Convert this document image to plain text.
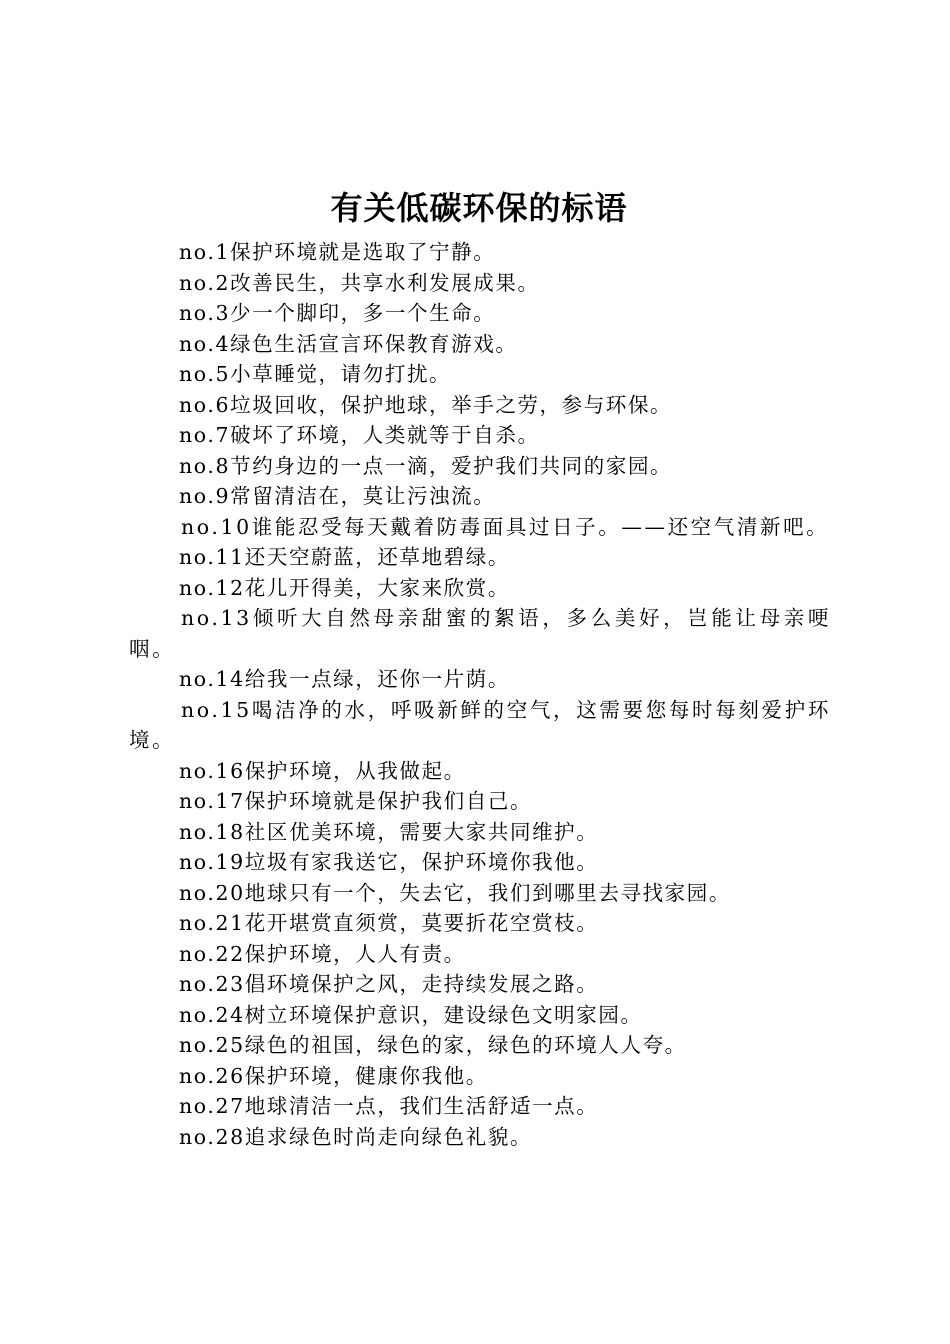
有关低碳环保的标语
no.1保护环境就是选取了宁静。
no.2改善民生，共享水利发展成果。
no.3少一个脚印，多一个生命。
no.4绿色生活宣言环保教育游戏。
no.5小草睡觉，请勿打扰。
no.6垃圾回收，保护地球，举手之劳，参与环保。
no.7破坏了环境，人类就等于自杀。
no.8节约身边的一点一滴，爱护我们共同的家园。
no.9常留清洁在，莫让污浊流。
no.10谁能忍受每天戴着防毒面具过日子。——还空气清新吧。
no.11还天空蔚蓝，还草地碧绿。
no.12花儿开得美，大家来欣赏。
no.13倾听大自然母亲甜蜜的絮语，多么美好，岂能让母亲哽咽。
no.14给我一点绿，还你一片荫。
no.15喝洁净的水，呼吸新鲜的空气，这需要您每时每刻爱护环境。
no.16保护环境，从我做起。
no.17保护环境就是保护我们自己。
no.18社区优美环境，需要大家共同维护。
no.19垃圾有家我送它，保护环境你我他。
no.20地球只有一个，失去它，我们到哪里去寻找家园。
no.21花开堪赏直须赏，莫要折花空赏枝。
no.22保护环境，人人有责。
no.23倡环境保护之风，走持续发展之路。
no.24树立环境保护意识，建设绿色文明家园。
no.25绿色的祖国，绿色的家，绿色的环境人人夸。
no.26保护环境，健康你我他。
no.27地球清洁一点，我们生活舒适一点。
no.28追求绿色时尚走向绿色礼貌。
